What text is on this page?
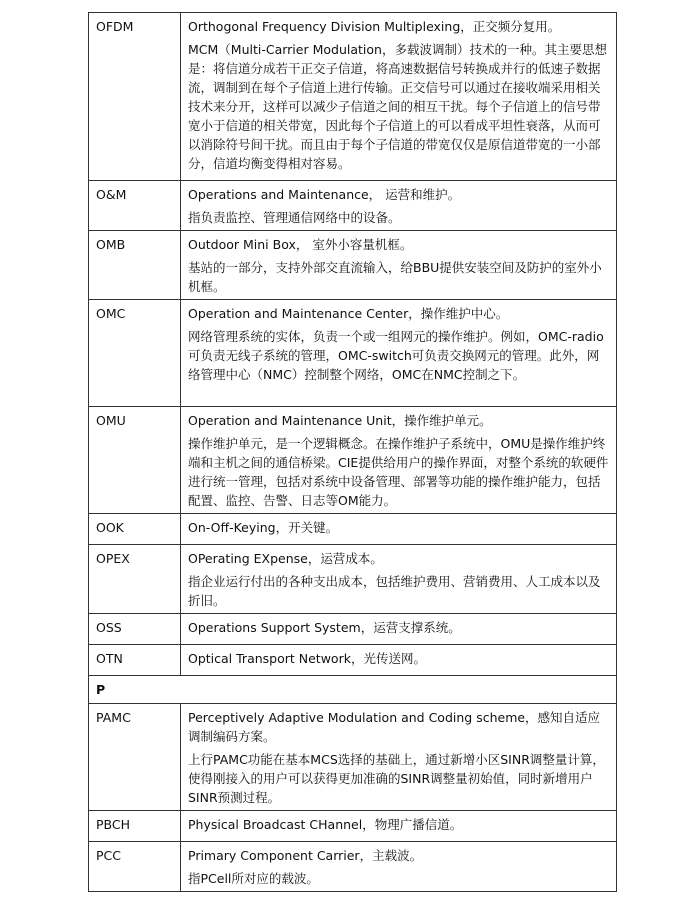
OFDM	Orthogonal Frequency Division Multiplexing，正交频分复用。

MCM（Multi-Carrier Modulation，多载波调制）技术的一种。其主要思想是：将信道分成若干正交子信道，将高速数据信号转换成并行的低速子数据流，调制到在每个子信道上进行传输。正交信号可以通过在接收端采用相关技术来分开，这样可以减少子信道之间的相互干扰。每个子信道上的信号带宽小于信道的相关带宽，因此每个子信道上的可以看成平坦性衰落，从而可以消除符号间干扰。而且由于每个子信道的带宽仅仅是原信道带宽的一小部分，信道均衡变得相对容易。

O&M	Operations and Maintenance， 运营和维护。

指负责监控、管理通信网络中的设备。

OMB	Outdoor Mini Box， 室外小容量机框。

基站的一部分，支持外部交直流输入，给BBU提供安装空间及防护的室外小机框。

OMC	Operation and Maintenance Center，操作维护中心。

网络管理系统的实体，负责一个或一组网元的操作维护。例如，OMC-radio可负责无线子系统的管理，OMC-switch可负责交换网元的管理。此外，网络管理中心（NMC）控制整个网络，OMC在NMC控制之下。

OMU	Operation and Maintenance Unit，操作维护单元。

操作维护单元，是一个逻辑概念。在操作维护子系统中，OMU是操作维护终端和主机之间的通信桥梁。CIE提供给用户的操作界面，对整个系统的软硬件进行统一管理，包括对系统中设备管理、部署等功能的操作维护能力，包括配置、监控、告警、日志等OM能力。

OOK	On-Off-Keying，开关键。

OPEX	OPerating EXpense，运营成本。

指企业运行付出的各种支出成本，包括维护费用、营销费用、人工成本以及折旧。

OSS	Operations Support System，运营支撑系统。

OTN	Optical Transport Network，光传送网。

P	
PAMC	Perceptively Adaptive Modulation and Coding scheme，感知自适应调制编码方案。

上行PAMC功能在基本MCS选择的基础上，通过新增小区SINR调整量计算，使得刚接入的用户可以获得更加准确的SINR调整量初始值，同时新增用户SINR预测过程。

PBCH	Physical Broadcast CHannel，物理广播信道。

PCC	Primary Component Carrier，主载波。

指PCell所对应的载波。
